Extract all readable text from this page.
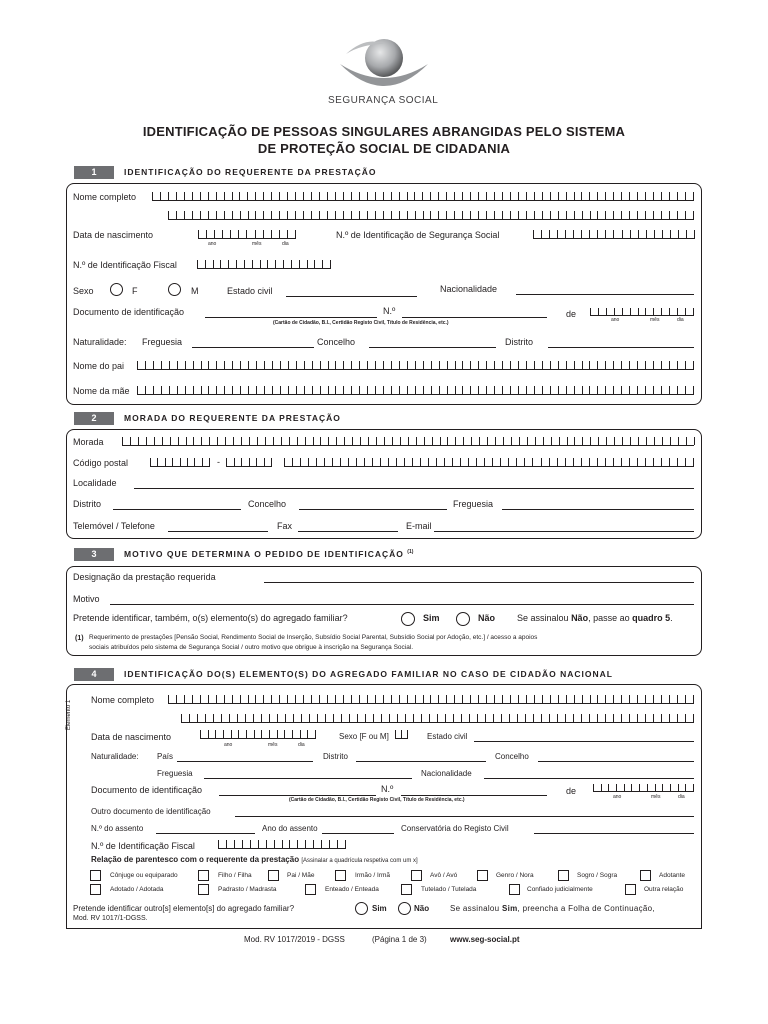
SEGURANÇA SOCIAL
IDENTIFICAÇÃO DE PESSOAS SINGULARES ABRANGIDAS PELO SISTEMA
DE PROTEÇÃO SOCIAL DE CIDADANIA
1	IDENTIFICAÇÃO DO REQUERENTE DA PRESTAÇÃO
Nome completo
Data de nascimento
ano	mês	dia
N.º de Identificação de Segurança Social
N.º de Identificação Fiscal
Sexo	F	M	Estado civil	Nacionalidade
Documento de identificação	N.º
(Cartão de Cidadão, B.I., Certidão Registo Civil, Título de Residência, etc.)
de
ano	mês	dia
Naturalidade: Freguesia	Concelho	Distrito
Nome do pai
Nome da mãe
2	MORADA DO REQUERENTE DA PRESTAÇÃO
Morada
Código postal	-
Localidade
Distrito	Concelho	Freguesia
Telemóvel / Telefone	Fax	E-mail
3	MOTIVO QUE DETERMINA O PEDIDO DE IDENTIFICAÇÃO $^{(1)}$
Designação da prestação requerida
Motivo
Pretende identificar, também, o(s) elemento(s) do agregado familiar?	Sim	Não Se assinalou Não, passe ao quadro 5.
(1) Requerimento de prestações [Pensão Social, Rendimento Social de Inserção, Subsídio Social Parental, Subsídio Social por Adoção, etc.] / acesso a apoios
sociais atribuídos pelo sistema de Segurança Social / outro motivo que obrigue à inscrição na Segurança Social.
4	IDENTIFICAÇÃO DO(S) ELEMENTO(S) DO AGREGADO FAMILIAR NO CASO DE CIDADÃO NACIONAL
Elemento 1 Nome completo
Data de nascimento
ano	mês	dia
Sexo [F ou M]	Estado civil
Naturalidade: País	Distrito	Concelho
Freguesia	Nacionalidade
Documento de identificação	N.º
(Cartão de Cidadão, B.I., Certidão Registo Civil, Título de Residência, etc.)
de
ano	mês	dia
Outro documento de identificação
N.º do assento	Ano do assento	Conservatória do Registo Civil
N.º de Identificação Fiscal
Relação de parentesco com o requerente da prestação [Assinalar a quadrícula respetiva com um x]
Cônjuge ou equiparado	Filho / Filha	Pai / Mãe	Irmão / Irmã	Avô / Avó	Genro / Nora	Sogro / Sogra	Adotante
Adotado / Adotada	Padrasto / Madrasta	Enteado / Enteada	Tutelado / Tutelada	Confiado judicialmente	Outra relação
Pretende identificar outro[s] elemento[s] do agregado familiar?	Sim	Não	Se assinalou Sim, preencha a Folha de Continuação,
Mod. RV 1017/1-DGSS.
Mod. RV 1017/2019 - DGSS	(Página 1 de 3)	www.seg-social.pt
